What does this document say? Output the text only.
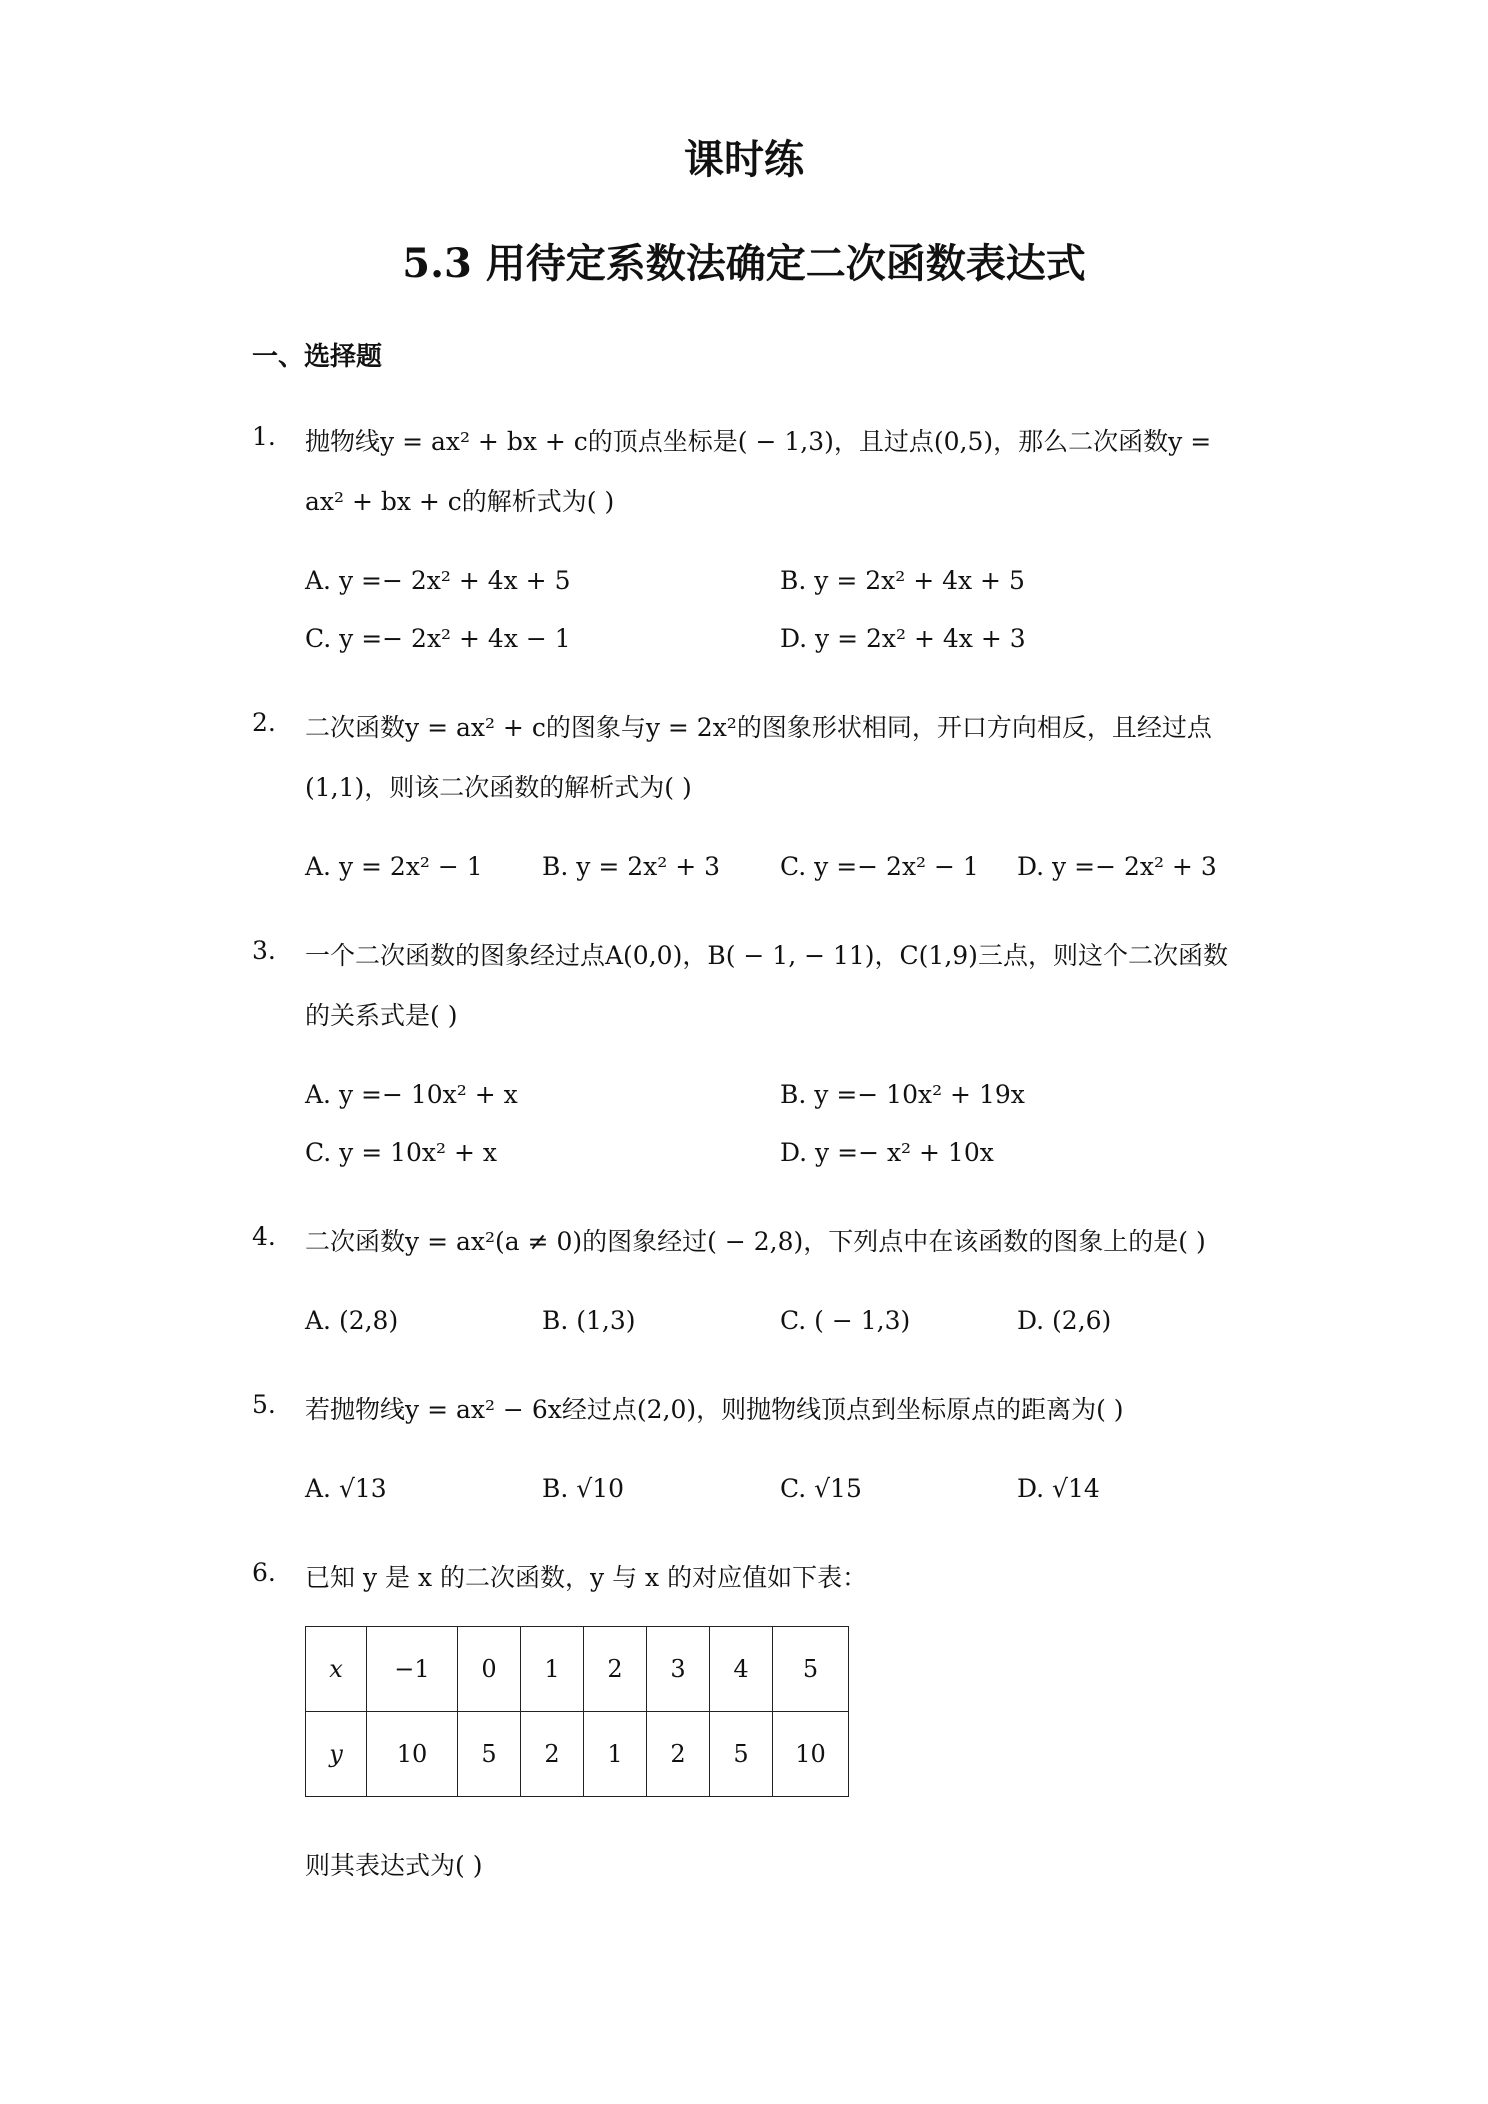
课时练
5.3 用待定系数法确定二次函数表达式
一、选择题
1. 抛物线y = ax² + bx + c的顶点坐标是( − 1,3)，且过点(0,5)，那么二次函数y =
ax² + bx + c的解析式为( )
A. y =− 2x² + 4x + 5	B. y = 2x² + 4x + 5
C. y =− 2x² + 4x − 1	D. y = 2x² + 4x + 3
2. 二次函数y = ax² + c的图象与y = 2x²的图象形状相同，开口方向相反，且经过点
(1,1)，则该二次函数的解析式为( )
A. y = 2x² − 1 B. y = 2x² + 3 C. y =− 2x² − 1 D. y =− 2x² + 3
3. 一个二次函数的图象经过点A(0,0)，B( − 1, − 11)，C(1,9)三点，则这个二次函数
的关系式是( )
A. y =− 10x² + x	B. y =− 10x² + 19x
C. y = 10x² + x	D. y =− x² + 10x
4. 二次函数y = ax²(a ≠ 0)的图象经过( − 2,8)，下列点中在该函数的图象上的是( )
A. (2,8)	B. (1,3)	C. ( − 1,3)	D. (2,6)
5. 若抛物线y = ax² − 6x经过点(2,0)，则抛物线顶点到坐标原点的距离为( )
A. √13	B. √10	C. √15	D. √14
6. 已知 y 是 x 的二次函数，y 与 x 的对应值如下表：
x	−1	0	1	2	3	4	5
y	10	5	2	1	2	5	10
则其表达式为( )
